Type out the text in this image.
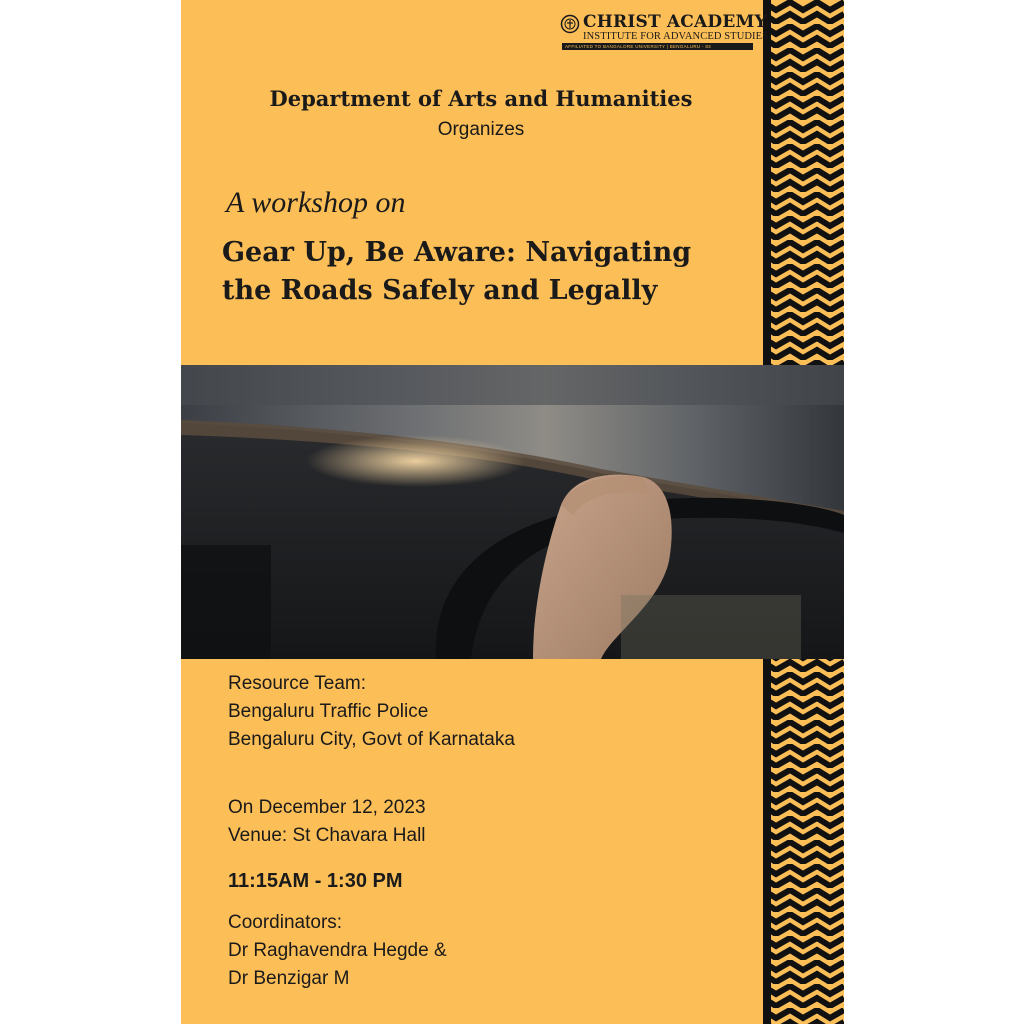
CHRIST ACADEMY
INSTITUTE FOR ADVANCED STUDIES
AFFILIATED TO BANGALORE UNIVERSITY | BENGALURU - 83
Department of Arts and Humanities
Organizes
A workshop on
Gear Up, Be Aware: Navigating
the Roads Safely and Legally
Resource Team:
Bengaluru Traffic Police
Bengaluru City, Govt of Karnataka
On December 12, 2023
Venue: St Chavara Hall
11:15AM - 1:30 PM
Coordinators:
Dr Raghavendra Hegde &
Dr Benzigar M
